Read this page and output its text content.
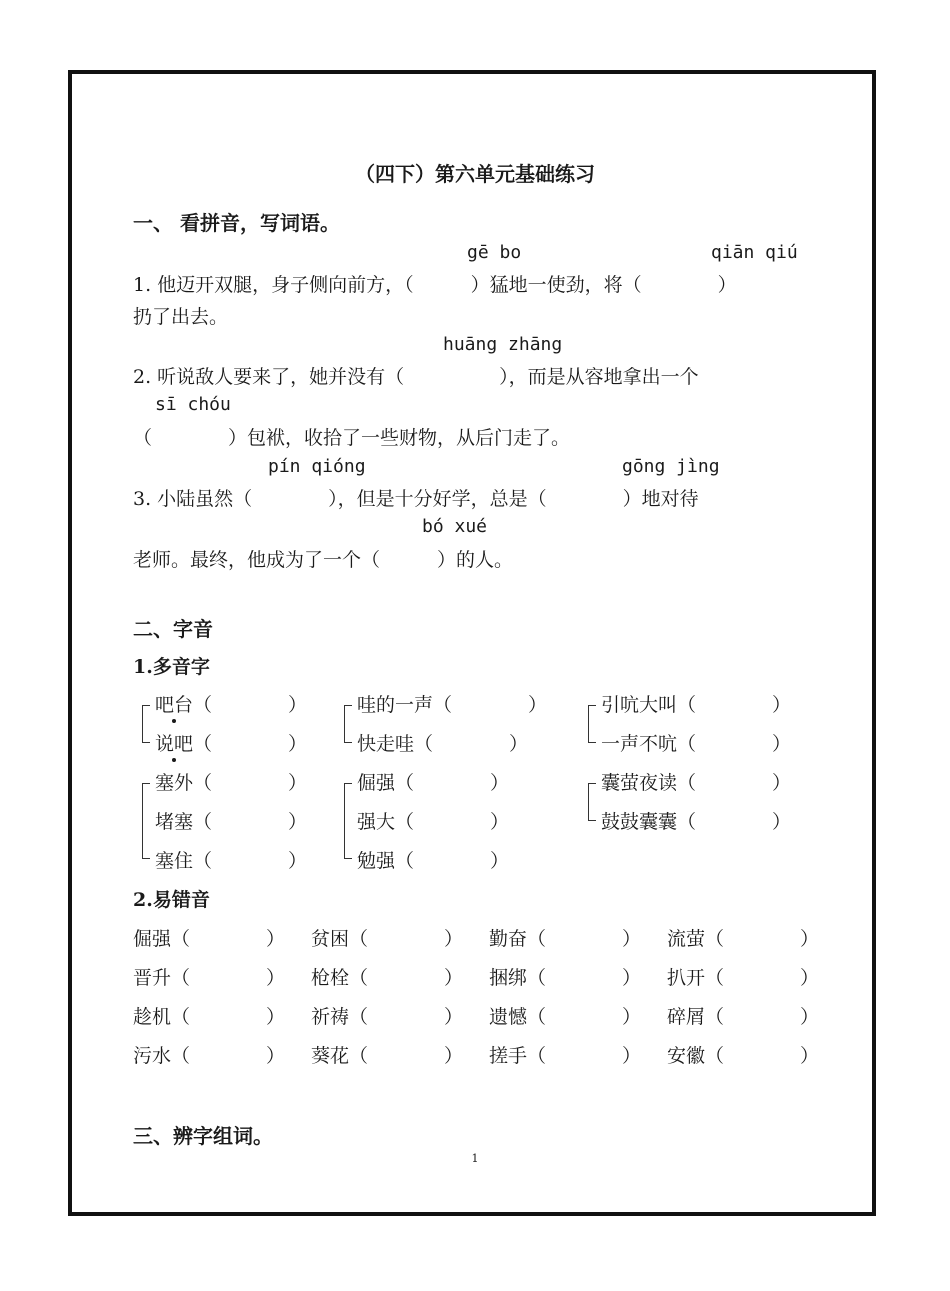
（四下）第六单元基础练习
一、 看拼音，写词语。
gē bo	qiān qiú
1. 他迈开双腿，身子侧向前方，（　　　）猛地一使劲，将（　　　　）
扔了出去。
huāng zhāng
2. 听说敌人要来了，她并没有（　　　　　），而是从容地拿出一个
sī chóu
（　　　　）包袱，收拾了一些财物，从后门走了。
pín qióng	gōng jìng
3. 小陆虽然（　　　　），但是十分好学，总是（　　　　）地对待
bó xué
老师。最终，他成为了一个（　　　）的人。
二、字音
1.多音字
吧台（　　　　）
说吧（　　　　）
哇的一声（　　　　）
快走哇（　　　　）
引吭大叫（　　　　）
一声不吭（　　　　）
塞外（　　　　）
堵塞（　　　　）
塞住（　　　　）
倔强（　　　　）
强大（　　　　）
勉强（　　　　）
囊萤夜读（　　　　）
鼓鼓囊囊（　　　　）
2.易错音
倔强（　　　　） 贫困（　　　　） 勤奋（　　　　） 流萤（　　　　）
晋升（　　　　） 枪栓（　　　　） 捆绑（　　　　） 扒开（　　　　）
趁机（　　　　） 祈祷（　　　　） 遗憾（　　　　） 碎屑（　　　　）
污水（　　　　） 葵花（　　　　） 搓手（　　　　） 安徽（　　　　）
三、辨字组词。
1
